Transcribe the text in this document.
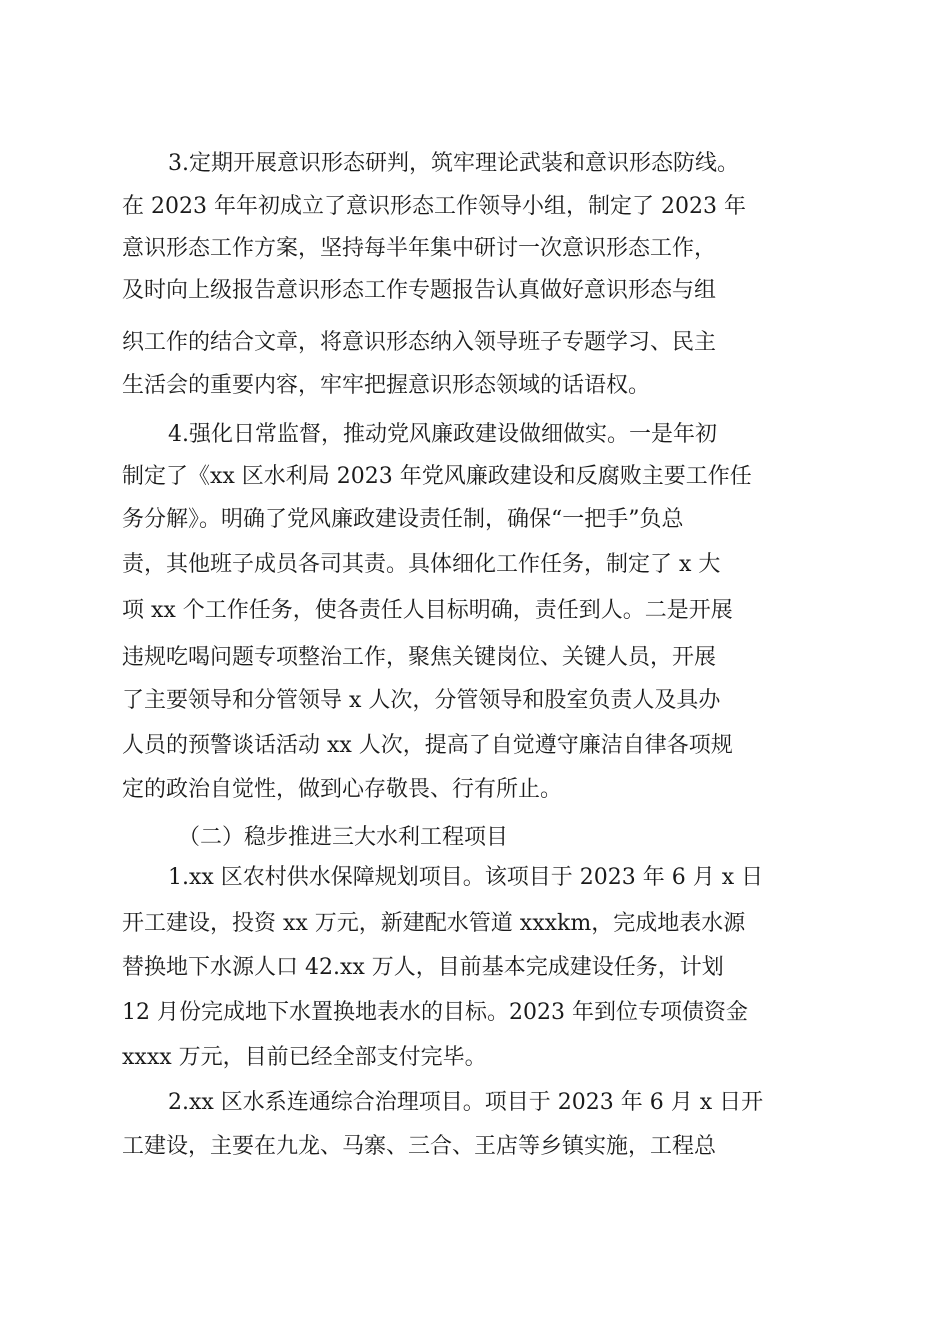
3.定期开展意识形态研判，筑牢理论武装和意识形态防线。
在 2023 年年初成立了意识形态工作领导小组，制定了 2023 年
意识形态工作方案，坚持每半年集中研讨一次意识形态工作，
及时向上级报告意识形态工作专题报告认真做好意识形态与组
织工作的结合文章，将意识形态纳入领导班子专题学习、民主
生活会的重要内容，牢牢把握意识形态领域的话语权。
4.强化日常监督，推动党风廉政建设做细做实。一是年初
制定了《xx 区水利局 2023 年党风廉政建设和反腐败主要工作任
务分解》。明确了党风廉政建设责任制，确保“一把手”负总
责，其他班子成员各司其责。具体细化工作任务，制定了 x 大
项 xx 个工作任务，使各责任人目标明确，责任到人。二是开展
违规吃喝问题专项整治工作，聚焦关键岗位、关键人员，开展
了主要领导和分管领导 x 人次，分管领导和股室负责人及具办
人员的预警谈话活动 xx 人次，提高了自觉遵守廉洁自律各项规
定的政治自觉性，做到心存敬畏、行有所止。
（二）稳步推进三大水利工程项目
1.xx 区农村供水保障规划项目。该项目于 2023 年 6 月 x 日
开工建设，投资 xx 万元，新建配水管道 xxxkm，完成地表水源
替换地下水源人口 42.xx 万人，目前基本完成建设任务，计划
12 月份完成地下水置换地表水的目标。2023 年到位专项债资金
xxxx 万元，目前已经全部支付完毕。
2.xx 区水系连通综合治理项目。项目于 2023 年 6 月 x 日开
工建设，主要在九龙、马寨、三合、王店等乡镇实施，工程总
